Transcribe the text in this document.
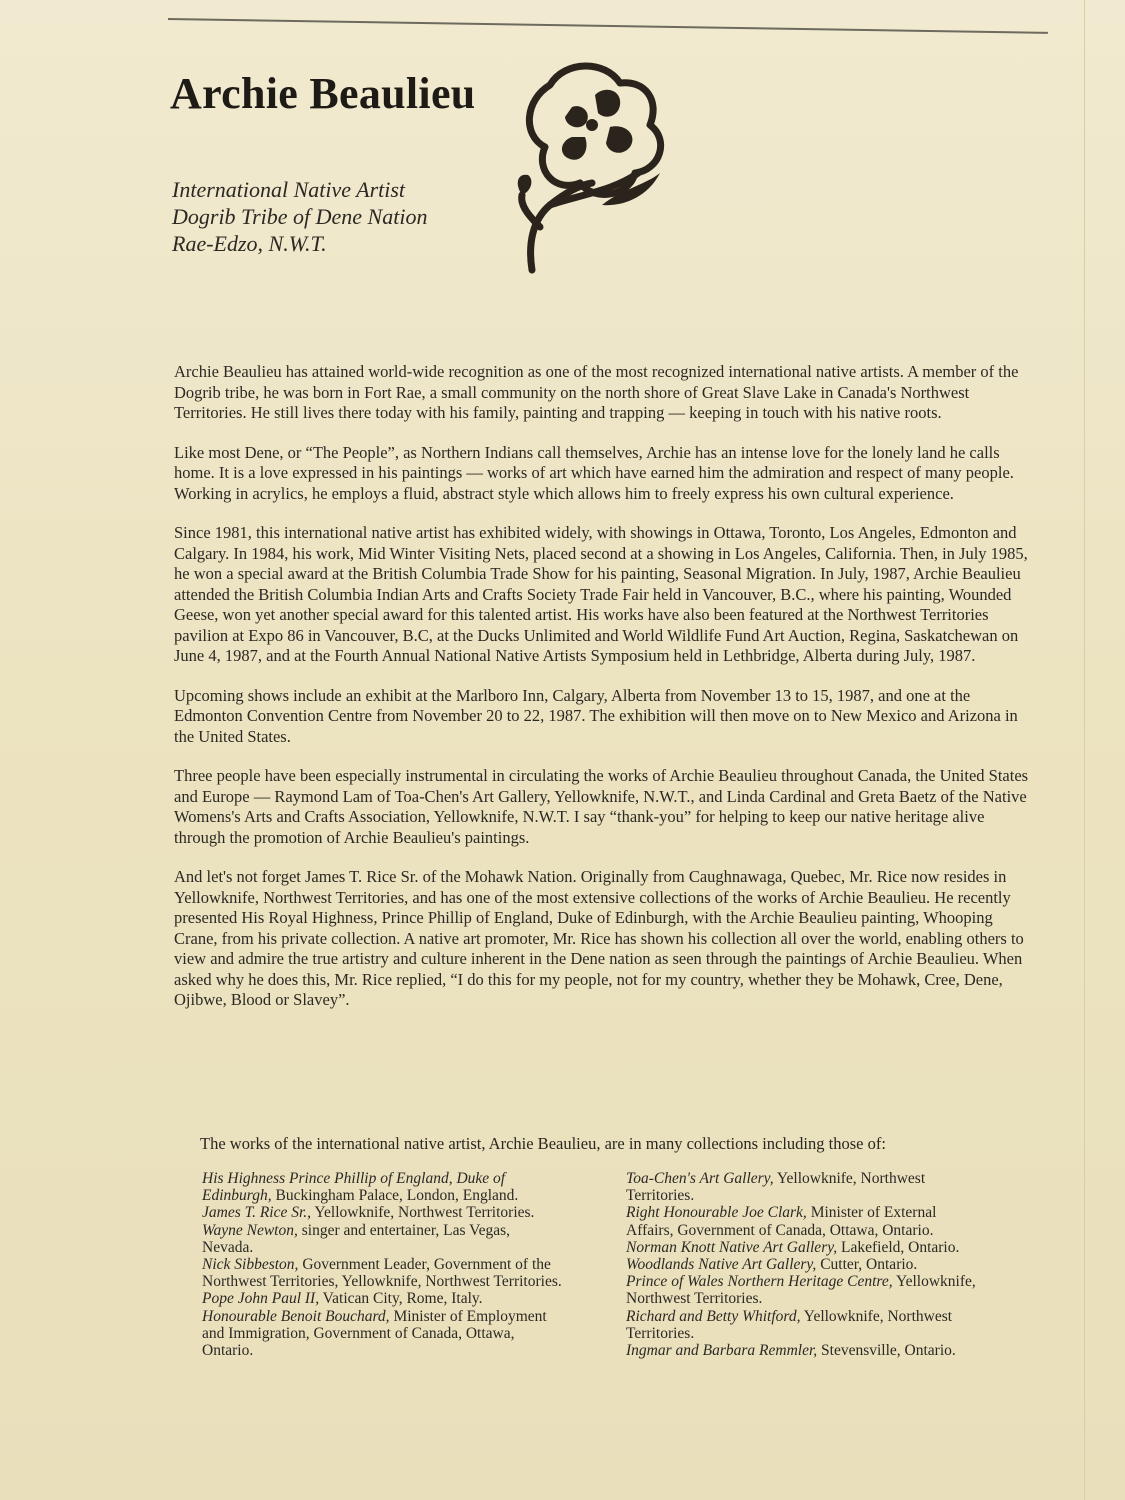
Archie Beaulieu
International Native Artist
Dogrib Tribe of Dene Nation
Rae-Edzo, N.W.T.

Archie Beaulieu has attained world-wide recognition as one of the most recognized international native artists. A member of the Dogrib tribe, he was born in Fort Rae, a small community on the north shore of Great Slave Lake in Canada's Northwest Territories. He still lives there today with his family, painting and trapping — keeping in touch with his native roots.

Like most Dene, or “The People”, as Northern Indians call themselves, Archie has an intense love for the lonely land he calls home. It is a love expressed in his paintings — works of art which have earned him the admiration and respect of many people. Working in acrylics, he employs a fluid, abstract style which allows him to freely express his own cultural experience.

Since 1981, this international native artist has exhibited widely, with showings in Ottawa, Toronto, Los Angeles, Edmonton and Calgary. In 1984, his work, Mid Winter Visiting Nets, placed second at a showing in Los Angeles, California. Then, in July 1985, he won a special award at the British Columbia Trade Show for his painting, Seasonal Migration. In July, 1987, Archie Beaulieu attended the British Columbia Indian Arts and Crafts Society Trade Fair held in Vancouver, B.C., where his painting, Wounded Geese, won yet another special award for this talented artist. His works have also been featured at the Northwest Territories pavilion at Expo 86 in Vancouver, B.C, at the Ducks Unlimited and World Wildlife Fund Art Auction, Regina, Saskatchewan on June 4, 1987, and at the Fourth Annual National Native Artists Symposium held in Lethbridge, Alberta during July, 1987.

Upcoming shows include an exhibit at the Marlboro Inn, Calgary, Alberta from November 13 to 15, 1987, and one at the Edmonton Convention Centre from November 20 to 22, 1987. The exhibition will then move on to New Mexico and Arizona in the United States.

Three people have been especially instrumental in circulating the works of Archie Beaulieu throughout Canada, the United States and Europe — Raymond Lam of Toa-Chen's Art Gallery, Yellowknife, N.W.T., and Linda Cardinal and Greta Baetz of the Native Womens's Arts and Crafts Association, Yellowknife, N.W.T. I say “thank-you” for helping to keep our native heritage alive through the promotion of Archie Beaulieu's paintings.

And let's not forget James T. Rice Sr. of the Mohawk Nation. Originally from Caughnawaga, Quebec, Mr. Rice now resides in Yellowknife, Northwest Territories, and has one of the most extensive collections of the works of Archie Beaulieu. He recently presented His Royal Highness, Prince Phillip of England, Duke of Edinburgh, with the Archie Beaulieu painting, Whooping Crane, from his private collection. A native art promoter, Mr. Rice has shown his collection all over the world, enabling others to view and admire the true artistry and culture inherent in the Dene nation as seen through the paintings of Archie Beaulieu. When asked why he does this, Mr. Rice replied, “I do this for my people, not for my country, whether they be Mohawk, Cree, Dene, Ojibwe, Blood or Slavey”.

The works of the international native artist, Archie Beaulieu, are in many collections including those of:

His Highness Prince Phillip of England, Duke of Edinburgh, Buckingham Palace, London, England.

James T. Rice Sr., Yellowknife, Northwest Territories.

Wayne Newton, singer and entertainer, Las Vegas, Nevada.

Nick Sibbeston, Government Leader, Government of the Northwest Territories, Yellowknife, Northwest Territories.

Pope John Paul II, Vatican City, Rome, Italy.

Honourable Benoit Bouchard, Minister of Employment and Immigration, Government of Canada, Ottawa, Ontario.

Toa-Chen's Art Gallery, Yellowknife, Northwest Territories.

Right Honourable Joe Clark, Minister of External Affairs, Government of Canada, Ottawa, Ontario.

Norman Knott Native Art Gallery, Lakefield, Ontario.

Woodlands Native Art Gallery, Cutter, Ontario.

Prince of Wales Northern Heritage Centre, Yellowknife, Northwest Territories.

Richard and Betty Whitford, Yellowknife, Northwest Territories.

Ingmar and Barbara Remmler, Stevensville, Ontario.
